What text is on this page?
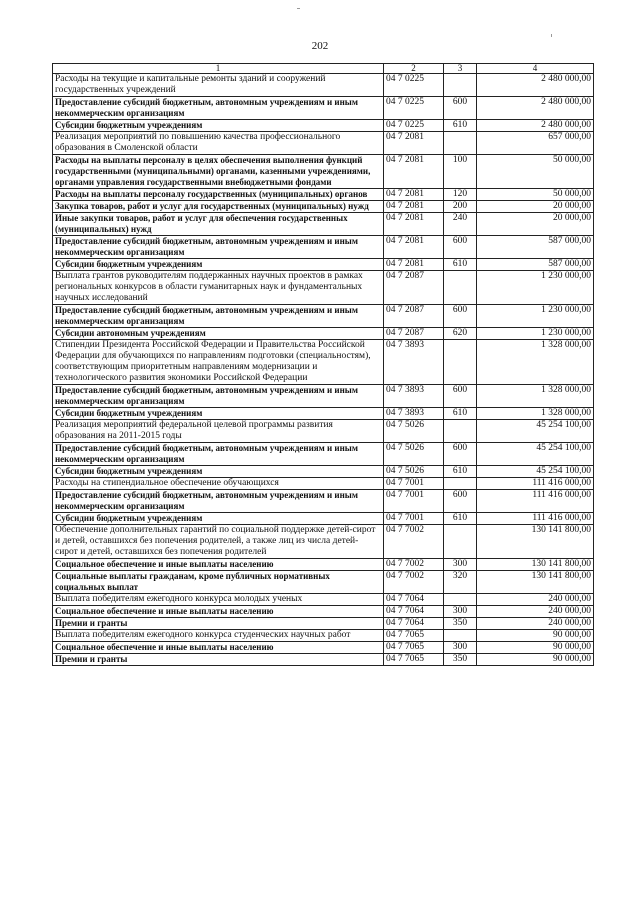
202
1	2	3	4
Расходы на текущие и капитальные ремонты зданий и сооружений государственных учреждений	04 7 0225		2 480 000,00
Предоставление субсидий бюджетным, автономным учреждениям и иным некоммерческим организациям	04 7 0225	600	2 480 000,00
Субсидии бюджетным учреждениям	04 7 0225	610	2 480 000,00
Реализация мероприятий по повышению качества профессионального образования в Смоленской области	04 7 2081		657 000,00
Расходы на выплаты персоналу в целях обеспечения выполнения функций государственными (муниципальными) органами, казенными учреждениями, органами управления государственными внебюджетными фондами	04 7 2081	100	50 000,00
Расходы на выплаты персоналу государственных (муниципальных) органов	04 7 2081	120	50 000,00
Закупка товаров, работ и услуг для государственных (муниципальных) нужд	04 7 2081	200	20 000,00
Иные закупки товаров, работ и услуг для обеспечения государственных (муниципальных) нужд	04 7 2081	240	20 000,00
Предоставление субсидий бюджетным, автономным учреждениям и иным некоммерческим организациям	04 7 2081	600	587 000,00
Субсидии бюджетным учреждениям	04 7 2081	610	587 000,00
Выплата грантов руководителям поддержанных научных проектов в рамках региональных конкурсов в области гуманитарных наук и фундаментальных научных исследований	04 7 2087		1 230 000,00
Предоставление субсидий бюджетным, автономным учреждениям и иным некоммерческим организациям	04 7 2087	600	1 230 000,00
Субсидии автономным учреждениям	04 7 2087	620	1 230 000,00
Стипендии Президента Российской Федерации и Правительства Российской Федерации для обучающихся по направлениям подготовки (специальностям), соответствующим приоритетным направлениям модернизации и технологического развития экономики Российской Федерации	04 7 3893		1 328 000,00
Предоставление субсидий бюджетным, автономным учреждениям и иным некоммерческим организациям	04 7 3893	600	1 328 000,00
Субсидии бюджетным учреждениям	04 7 3893	610	1 328 000,00
Реализация мероприятий федеральной целевой программы развития образования на 2011-2015 годы	04 7 5026		45 254 100,00
Предоставление субсидий бюджетным, автономным учреждениям и иным некоммерческим организациям	04 7 5026	600	45 254 100,00
Субсидии бюджетным учреждениям	04 7 5026	610	45 254 100,00
Расходы на стипендиальное обеспечение обучающихся	04 7 7001		111 416 000,00
Предоставление субсидий бюджетным, автономным учреждениям и иным некоммерческим организациям	04 7 7001	600	111 416 000,00
Субсидии бюджетным учреждениям	04 7 7001	610	111 416 000,00
Обеспечение дополнительных гарантий по социальной поддержке детей-сирот и детей, оставшихся без попечения родителей, а также лиц из числа детей-сирот и детей, оставшихся без попечения родителей	04 7 7002		130 141 800,00
Социальное обеспечение и иные выплаты населению	04 7 7002	300	130 141 800,00
Социальные выплаты гражданам, кроме публичных нормативных социальных выплат	04 7 7002	320	130 141 800,00
Выплата победителям ежегодного конкурса молодых ученых	04 7 7064		240 000,00
Социальное обеспечение и иные выплаты населению	04 7 7064	300	240 000,00
Премии и гранты	04 7 7064	350	240 000,00
Выплата победителям ежегодного конкурса студенческих научных работ	04 7 7065		90 000,00
Социальное обеспечение и иные выплаты населению	04 7 7065	300	90 000,00
Премии и гранты	04 7 7065	350	90 000,00
